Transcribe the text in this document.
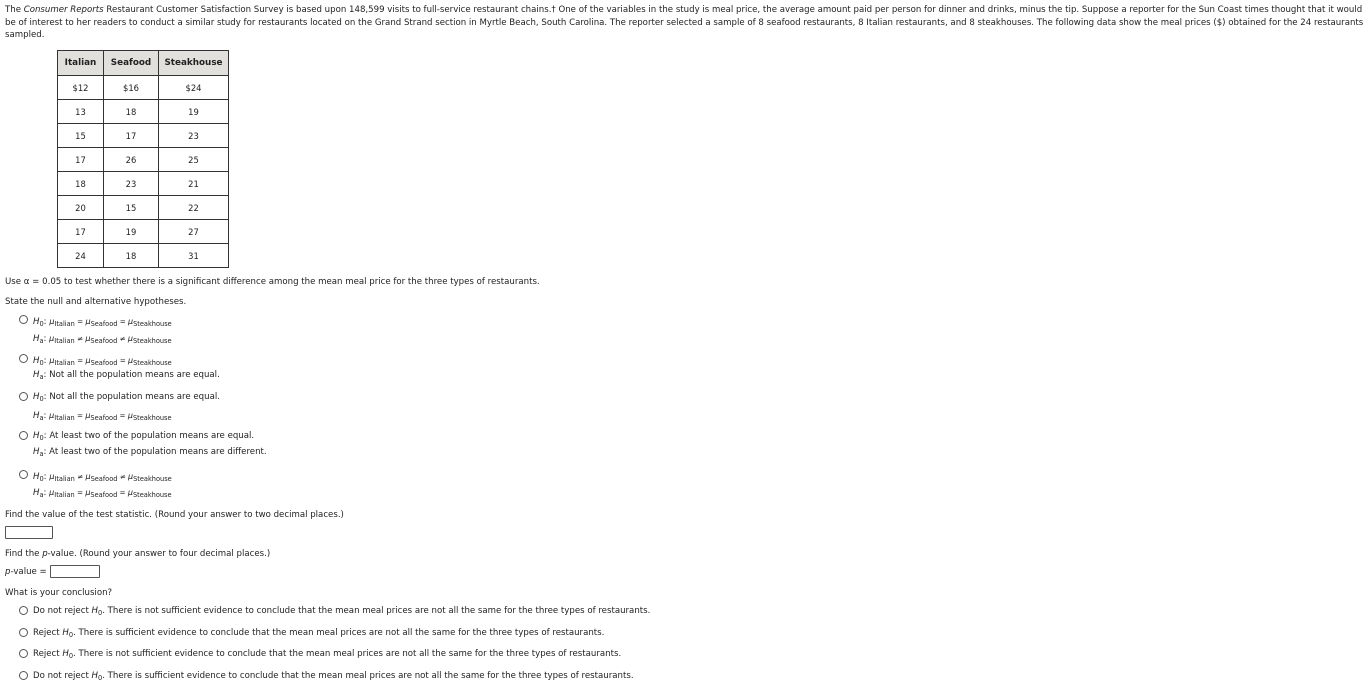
The Consumer Reports Restaurant Customer Satisfaction Survey is based upon 148,599 visits to full-service restaurant chains.† One of the variables in the study is meal price, the average amount paid per person for dinner and drinks, minus the tip. Suppose a reporter for the Sun Coast times thought that it would be of interest to her readers to conduct a similar study for restaurants located on the Grand Strand section in Myrtle Beach, South Carolina. The reporter selected a sample of 8 seafood restaurants, 8 Italian restaurants, and 8 steakhouses. The following data show the meal prices ($) obtained for the 24 restaurants sampled.
Italian	Seafood	Steakhouse
$12	$16	$24
13	18	19
15	17	23
17	26	25
18	23	21
20	15	22
17	19	27
24	18	31
Use α = 0.05 to test whether there is a significant difference among the mean meal price for the three types of restaurants.
State the null and alternative hypotheses.
$H_0$: $\mu_{Italian} = \mu_{Seafood} = \mu_{Steakhouse}$
$H_a$: $\mu_{Italian} \ne \mu_{Seafood} \ne \mu_{Steakhouse}$
$H_0$: $\mu_{Italian} = \mu_{Seafood} = \mu_{Steakhouse}$
$H_a$: Not all the population means are equal.
$H_0$: Not all the population means are equal.
$H_a$: $\mu_{Italian} = \mu_{Seafood} = \mu_{Steakhouse}$
$H_0$: At least two of the population means are equal.
$H_a$: At least two of the population means are different.
$H_0$: $\mu_{Italian} \ne \mu_{Seafood} \ne \mu_{Steakhouse}$
$H_a$: $\mu_{Italian} = \mu_{Seafood} = \mu_{Steakhouse}$
Find the value of the test statistic. (Round your answer to two decimal places.)
Find the p-value. (Round your answer to four decimal places.)
p-value =
What is your conclusion?
Do not reject $H_0$. There is not sufficient evidence to conclude that the mean meal prices are not all the same for the three types of restaurants.
Reject $H_0$. There is sufficient evidence to conclude that the mean meal prices are not all the same for the three types of restaurants.
Reject $H_0$. There is not sufficient evidence to conclude that the mean meal prices are not all the same for the three types of restaurants.
Do not reject $H_0$. There is sufficient evidence to conclude that the mean meal prices are not all the same for the three types of restaurants.
